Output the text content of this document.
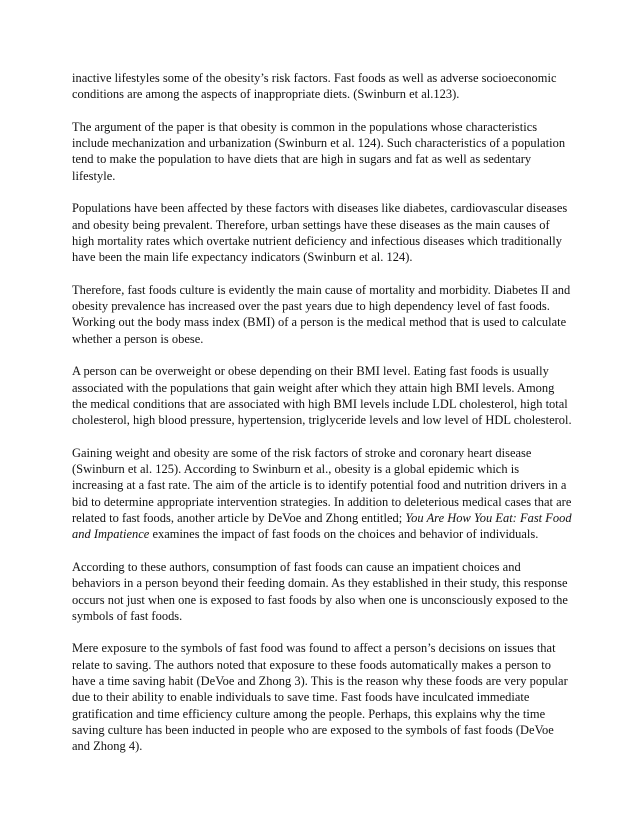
inactive lifestyles some of the obesity’s risk factors. Fast foods as well as adverse socioeconomic conditions are among the aspects of inappropriate diets. (Swinburn et al.123).

The argument of the paper is that obesity is common in the populations whose characteristics include mechanization and urbanization (Swinburn et al. 124). Such characteristics of a population tend to make the population to have diets that are high in sugars and fat as well as sedentary lifestyle.

Populations have been affected by these factors with diseases like diabetes, cardiovascular diseases and obesity being prevalent. Therefore, urban settings have these diseases as the main causes of high mortality rates which overtake nutrient deficiency and infectious diseases which traditionally have been the main life expectancy indicators (Swinburn et al. 124).

Therefore, fast foods culture is evidently the main cause of mortality and morbidity. Diabetes II and obesity prevalence has increased over the past years due to high dependency level of fast foods. Working out the body mass index (BMI) of a person is the medical method that is used to calculate whether a person is obese.

A person can be overweight or obese depending on their BMI level. Eating fast foods is usually associated with the populations that gain weight after which they attain high BMI levels. Among the medical conditions that are associated with high BMI levels include LDL cholesterol, high total cholesterol, high blood pressure, hypertension, triglyceride levels and low level of HDL cholesterol.

Gaining weight and obesity are some of the risk factors of stroke and coronary heart disease (Swinburn et al. 125). According to Swinburn et al., obesity is a global epidemic which is increasing at a fast rate. The aim of the article is to identify potential food and nutrition drivers in a bid to determine appropriate intervention strategies. In addition to deleterious medical cases that are related to fast foods, another article by DeVoe and Zhong entitled; You Are How You Eat: Fast Food and Impatience examines the impact of fast foods on the choices and behavior of individuals.

According to these authors, consumption of fast foods can cause an impatient choices and behaviors in a person beyond their feeding domain. As they established in their study, this response occurs not just when one is exposed to fast foods by also when one is unconsciously exposed to the symbols of fast foods.

Mere exposure to the symbols of fast food was found to affect a person’s decisions on issues that relate to saving. The authors noted that exposure to these foods automatically makes a person to have a time saving habit (DeVoe and Zhong 3). This is the reason why these foods are very popular due to their ability to enable individuals to save time. Fast foods have inculcated immediate gratification and time efficiency culture among the people. Perhaps, this explains why the time saving culture has been inducted in people who are exposed to the symbols of fast foods (DeVoe and Zhong 4).
